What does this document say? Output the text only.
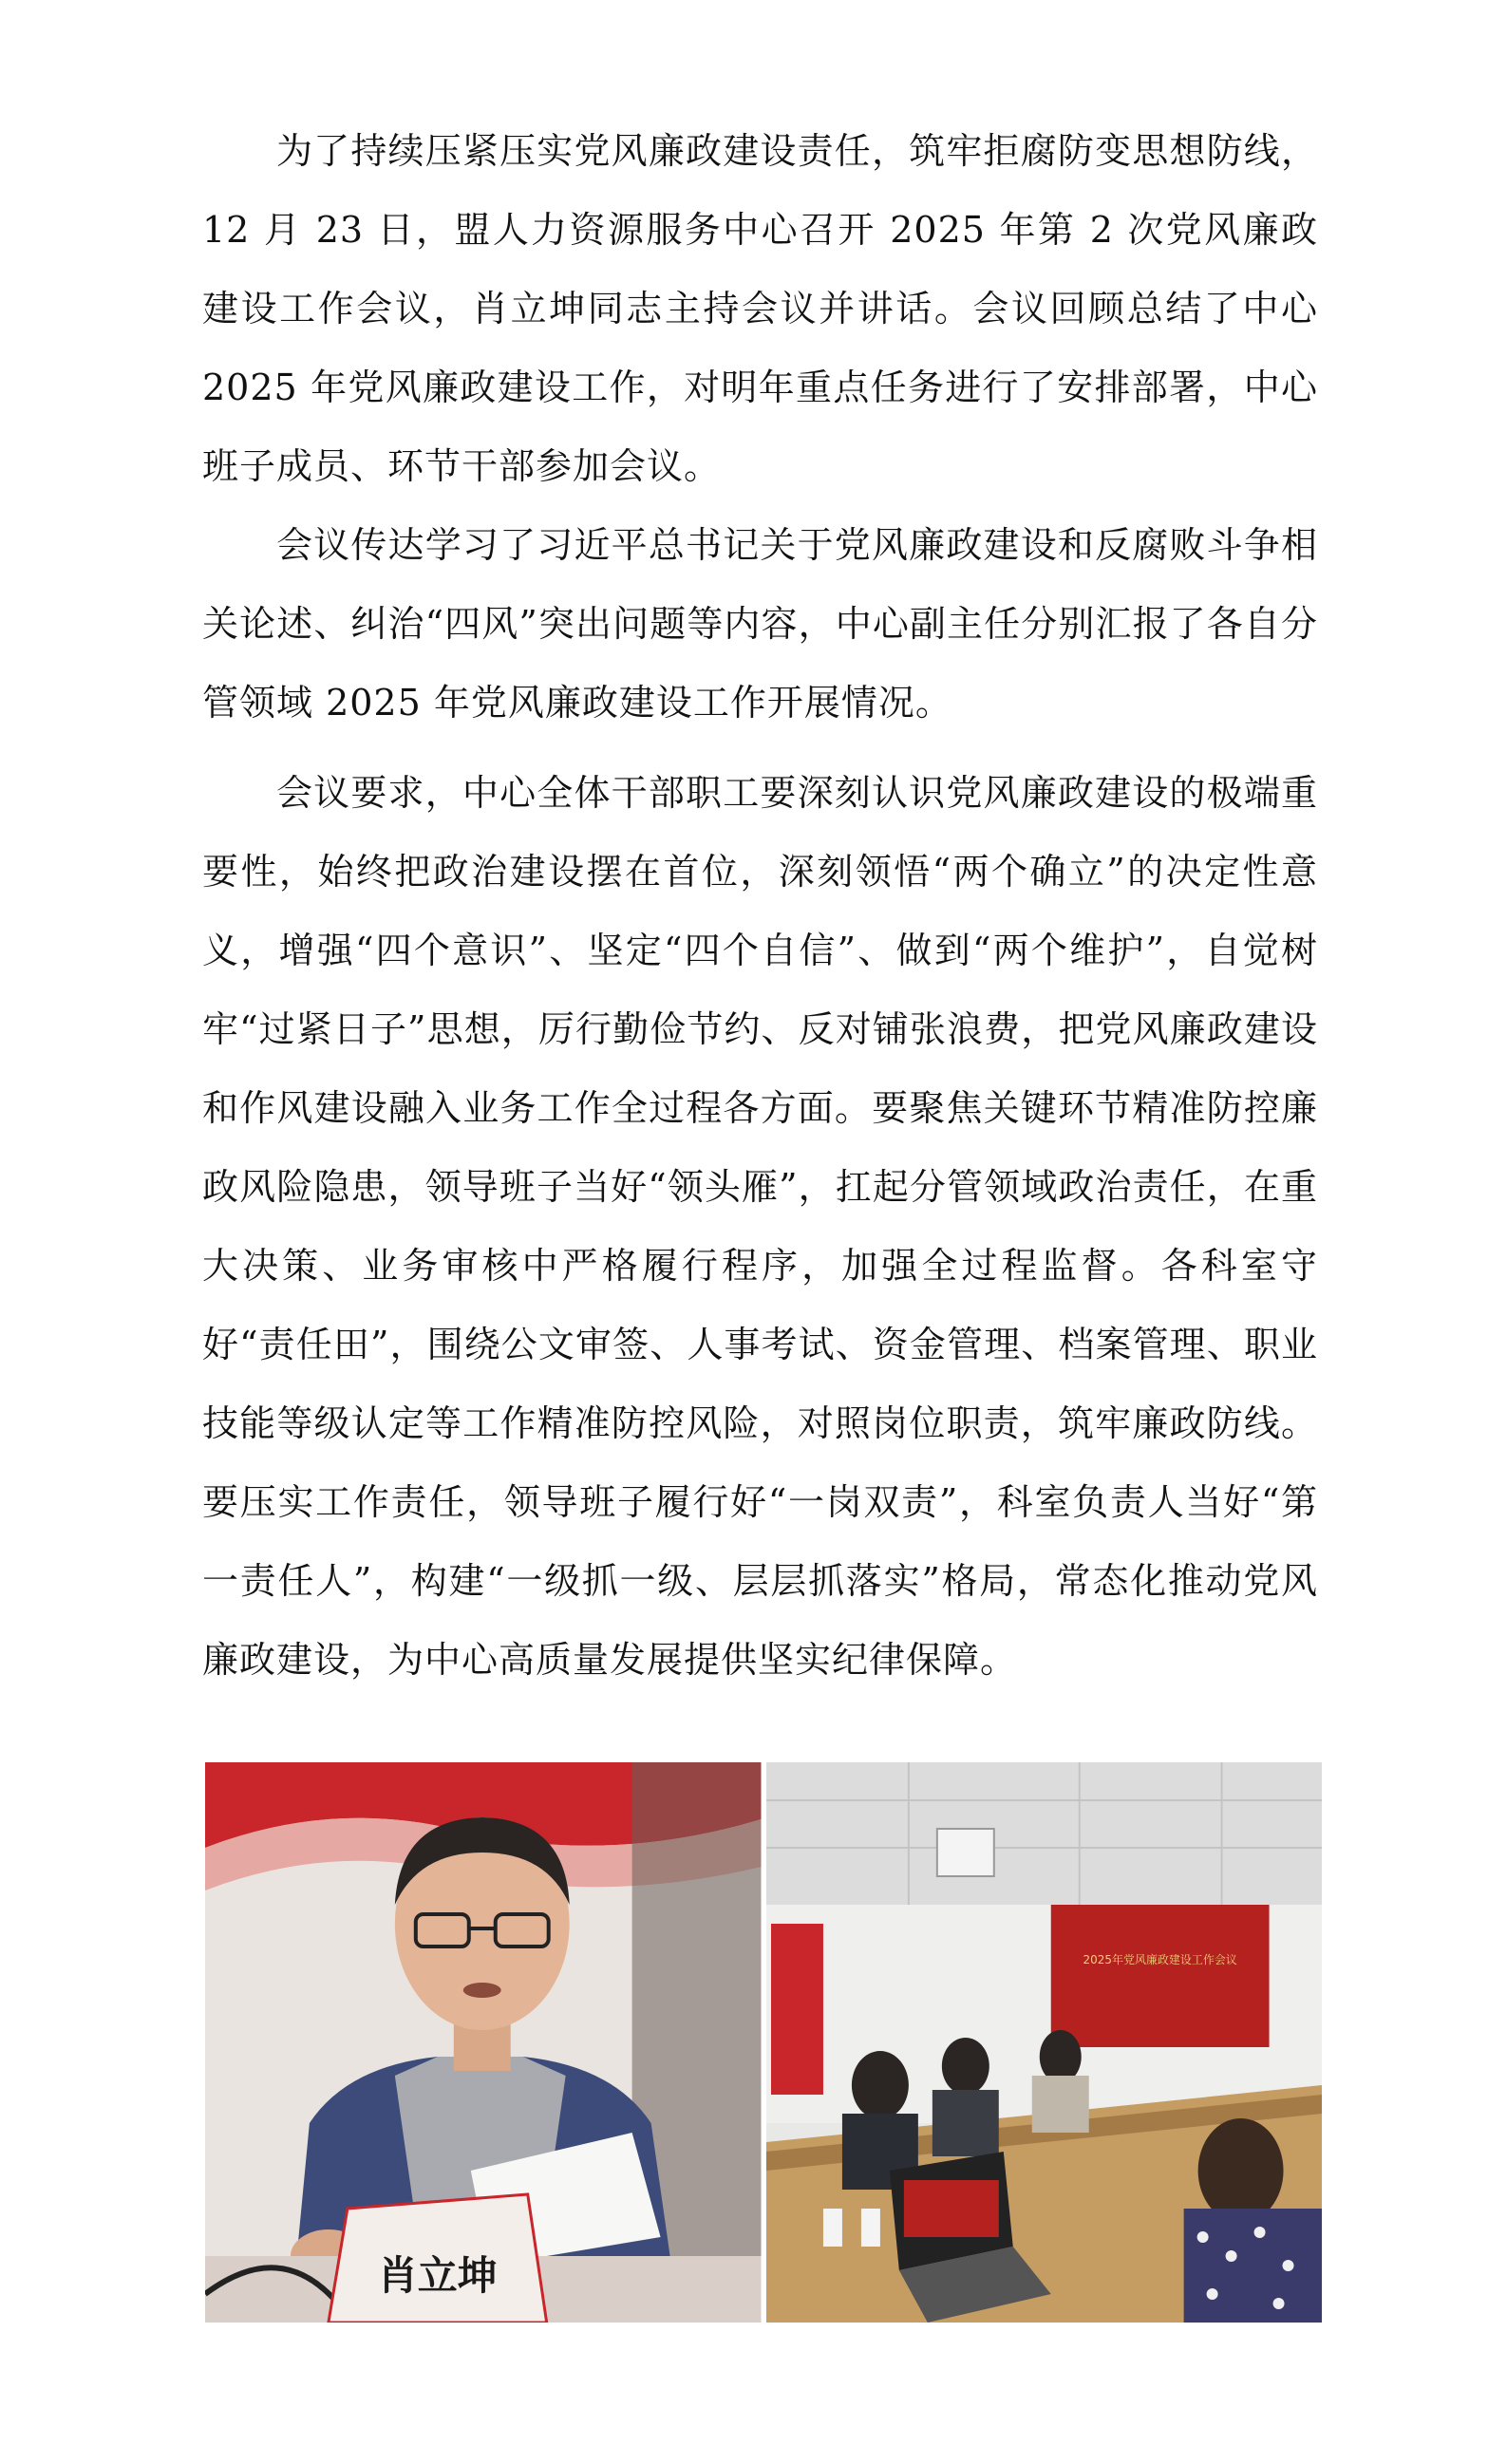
为了持续压紧压实党风廉政建设责任，筑牢拒腐防变思想防线，12 月 23 日，盟人力资源服务中心召开 2025 年第 2 次党风廉政建设工作会议，肖立坤同志主持会议并讲话。会议回顾总结了中心 2025 年党风廉政建设工作，对明年重点任务进行了安排部署，中心班子成员、环节干部参加会议。

会议传达学习了习近平总书记关于党风廉政建设和反腐败斗争相关论述、纠治“四风”突出问题等内容，中心副主任分别汇报了各自分管领域 2025 年党风廉政建设工作开展情况。

会议要求，中心全体干部职工要深刻认识党风廉政建设的极端重要性，始终把政治建设摆在首位，深刻领悟“两个确立”的决定性意义，增强“四个意识”、坚定“四个自信”、做到“两个维护”，自觉树牢“过紧日子”思想，厉行勤俭节约、反对铺张浪费，把党风廉政建设和作风建设融入业务工作全过程各方面。要聚焦关键环节精准防控廉政风险隐患，领导班子当好“领头雁”，扛起分管领域政治责任，在重大决策、业务审核中严格履行程序，加强全过程监督。各科室守好“责任田”，围绕公文审签、人事考试、资金管理、档案管理、职业技能等级认定等工作精准防控风险，对照岗位职责，筑牢廉政防线。要压实工作责任，领导班子履行好“一岗双责”，科室负责人当好“第一责任人”，构建“一级抓一级、层层抓落实”格局，常态化推动党风廉政建设，为中心高质量发展提供坚实纪律保障。

肖立坤
2025年党风廉政建设工作会议
